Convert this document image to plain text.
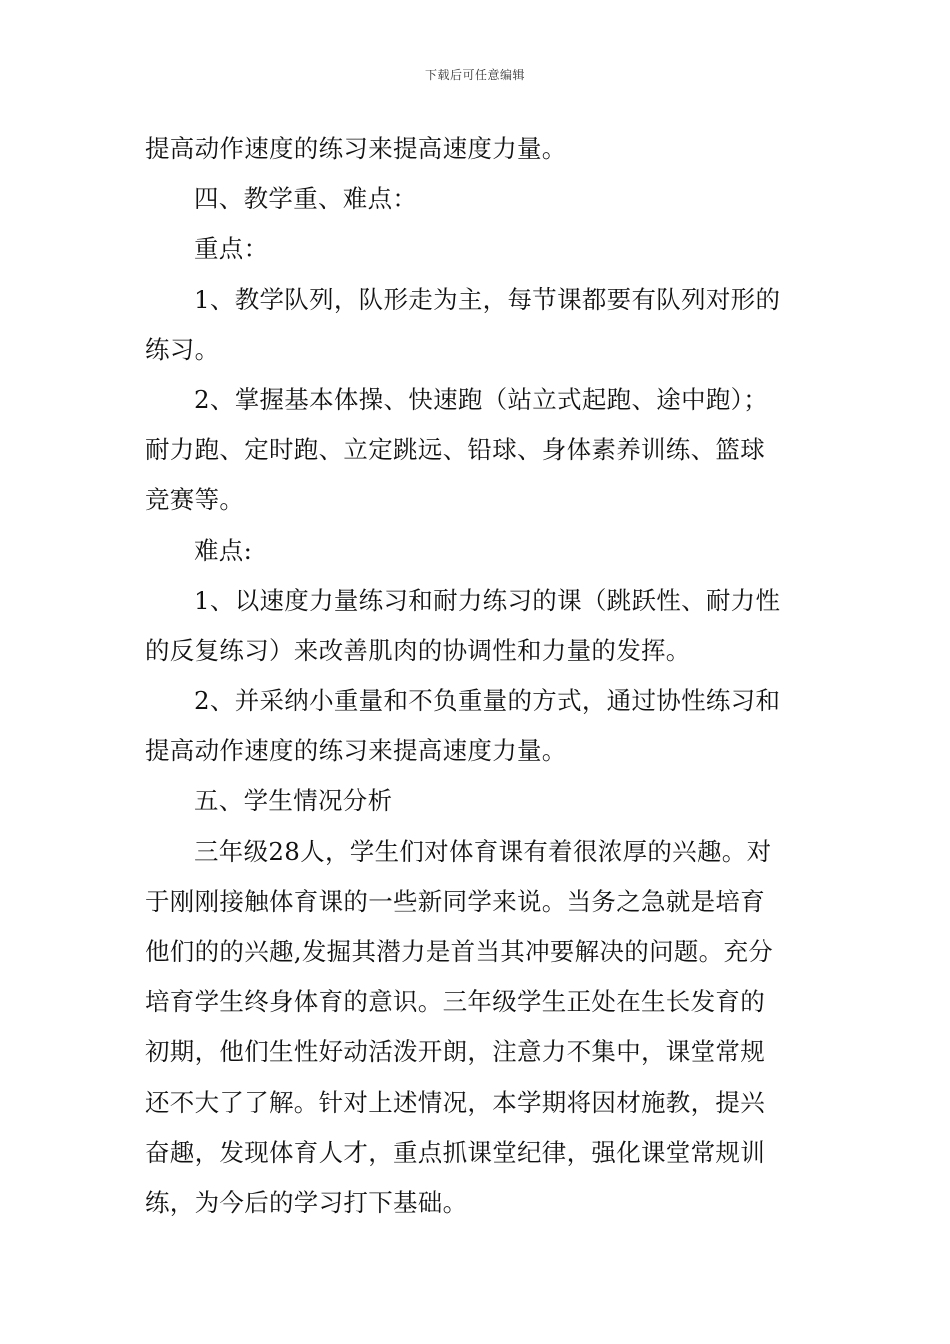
下载后可任意编辑
提高动作速度的练习来提高速度力量。
四、教学重、难点：
重点：
1、教学队列，队形走为主，每节课都要有队列对形的
练习。
2、掌握基本体操、快速跑（站立式起跑、途中跑）；
耐力跑、定时跑、立定跳远、铅球、身体素养训练、篮球
竞赛等。
难点:
1、以速度力量练习和耐力练习的课（跳跃性、耐力性
的反复练习）来改善肌肉的协调性和力量的发挥。
2、并采纳小重量和不负重量的方式，通过协性练习和
提高动作速度的练习来提高速度力量。
五、学生情况分析
三年级28人，学生们对体育课有着很浓厚的兴趣。对
于刚刚接触体育课的一些新同学来说。当务之急就是培育
他们的的兴趣,发掘其潜力是首当其冲要解决的问题。充分
培育学生终身体育的意识。三年级学生正处在生长发育的
初期，他们生性好动活泼开朗，注意力不集中，课堂常规
还不大了了解。针对上述情况，本学期将因材施教，提兴
奋趣，发现体育人才，重点抓课堂纪律，强化课堂常规训
练，为今后的学习打下基础。
